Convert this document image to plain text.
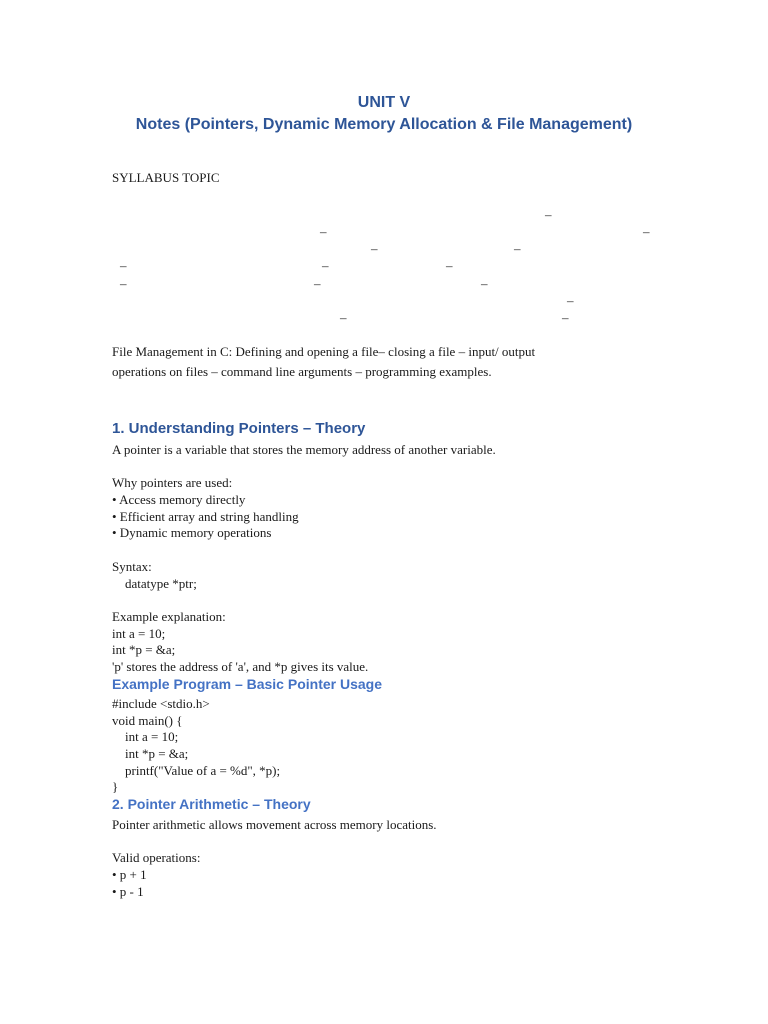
UNIT V
Notes (Pointers, Dynamic Memory Allocation & File Management)
SYLLABUS TOPIC
–
–	–
–	–
–	–	–
–	–	–
–
–	–
File Management in C: Defining and opening a file– closing a file – input/ output
operations on files – command line arguments – programming examples.
1. Understanding Pointers – Theory
A pointer is a variable that stores the memory address of another variable.
Why pointers are used:
• Access memory directly
• Efficient array and string handling
• Dynamic memory operations
Syntax:
datatype *ptr;
Example explanation:
int a = 10;
int *p = &a;
'p' stores the address of 'a', and *p gives its value.
Example Program – Basic Pointer Usage
#include <stdio.h>
void main() {
int a = 10;
int *p = &a;
printf("Value of a = %d", *p);
}
2. Pointer Arithmetic – Theory
Pointer arithmetic allows movement across memory locations.
Valid operations:
• p + 1
• p - 1
